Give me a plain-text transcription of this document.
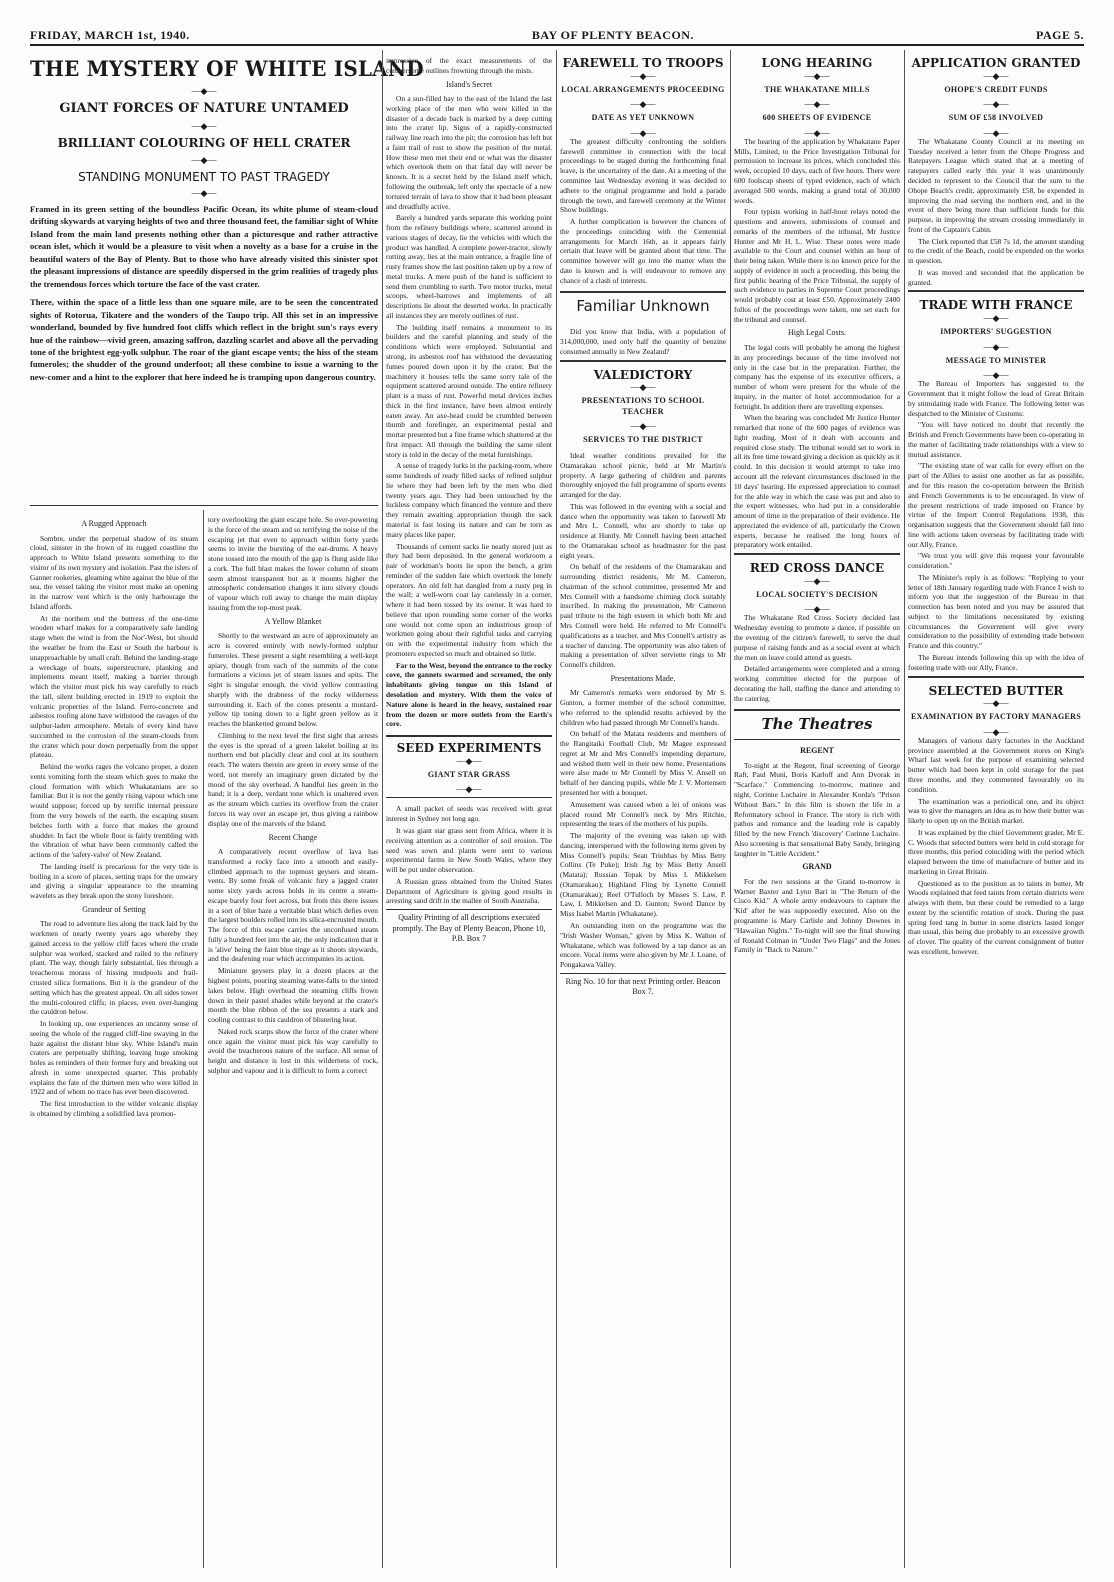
FRIDAY, MARCH 1st, 1940.	BAY OF PLENTY BEACON.	PAGE 5.
THE MYSTERY OF WHITE ISLAND
—◆—
GIANT FORCES OF NATURE UNTAMED
—◆—
BRILLIANT COLOURING OF HELL CRATER
—◆—
STANDING MONUMENT TO PAST TRAGEDY
—◆—

Framed in its green setting of the boundless Pacific Ocean, its white plume of steam-cloud drifting skywards at varying heights of two and three thousand feet, the familiar sight of White Island from the main land presents nothing other than a picturesque and rather attractive ocean islet, which it would be a pleasure to visit when a novelty as a base for a cruise in the beautiful waters of the Bay of Plenty. But to those who have already visited this sinister spot the pleasant impressions of distance are speedily dispersed in the grim realities of tragedy plus the tremendous forces which torture the face of the vast crater.

There, within the space of a little less than one square mile, are to be seen the concentrated sights of Rotorua, Tikatere and the wonders of the Taupo trip. All this set in an impressive wonderland, bounded by five hundred foot cliffs which reflect in the bright sun's rays every hue of the rainbow—vivid green, amazing saffron, dazzling scarlet and above all the pervading tone of the brightest egg-yolk sulphur. The roar of the giant escape vents; the hiss of the steam fumeroles; the shudder of the ground underfoot; all these combine to issue a warning to the new-comer and a hint to the explorer that here indeed he is tramping upon dangerous country.

A Rugged Approach

Sombre, under the perpetual shadow of its steam cloud, sinister in the frown of its rugged coastline the approach to White Island presents something to the visitor of its own mystery and isolation. Past the islets of Gannet rookeries, gleaming white against the blue of the sea, the vessel taking the visitor must make an opening in the narrow vent which is the only harbourage the Island affords.

At the northern end the buttress of the one-time wooden wharf makes for a comparatively safe landing stage when the wind is from the Nor'-West, but should the weather be from the East or South the harbour is unapproachable by small craft. Behind the landing-stage a wreckage of boats, superstructure, planking and implements meant itself, making a barrier through which the visitor must pick his way carefully to reach the tall, silent building erected in 1919 to exploit the volcanic properties of the Island. Ferro-concrete and asbestos roofing alone have withstood the ravages of the sulphur-laden atmosphere. Metals of every kind have succumbed to the corrosion of the steam-clouds from the crater which pour down perpetually from the upper plateau.

Behind the works rages the volcano proper, a dozen vents vomiting forth the steam which goes to make the cloud formation with which Whakatanians are so familiar. But it is not the gently rising vapour which one would suppose; forced up by terrific internal pressure from the very bowels of the earth, the escaping steam belches forth with a force that makes the ground shudder. In fact the whole floor is fairly trembling with the vibration of what have been commonly called the actions of the 'safety-valve' of New Zealand.

The landing itself is precarious for the very tide is boiling in a score of places, setting traps for the unwary and giving a singular appearance to the steaming wavelets as they break upon the stony foreshore.

Grandeur of Setting

The road to adventure lies along the track laid by the workmen of nearly twenty years ago whereby they gained access to the yellow cliff faces where the crude sulphur was worked, stacked and railed to the refinery plant. The way, though fairly substantial, lies through a treacherous morass of hissing mudpools and frail-crusted silica formations. But it is the grandeur of the setting which has the greatest appeal. On all sides tower the multi-coloured cliffs; in places, even over-hanging the cauldron below.

In looking up, one experiences an uncanny sense of seeing the whole of the rugged cliff-line swaying in the haze against the distant blue sky. White Island's main craters are perpetually shifting, leaving huge smoking holes as reminders of their former fury and breaking out afresh in some unexpected quarter. This probably explains the fate of the thirteen men who were killed in 1922 and of whom no trace has ever been discovered.

The first introduction to the wilder volcanic display is obtained by climbing a solidified lava promon-

tory overlooking the giant escape hole. So over-powering is the force of the steam and so terrifying the noise of the escaping jet that even to approach within forty yards seems to invite the bursting of the ear-drums. A heavy stone tossed into the mouth of the gap is flung aside like a cork. The full blast makes the lower column of steam seem almost transparent but as it mounts higher the atmospheric condensation changes it into silvery clouds of vapour which roll away to change the main display issuing from the top-most peak.

A Yellow Blanket

Shortly to the westward an acre of approximately an acre is covered entirely with newly-formed sulphur fumeroles. These present a sight resembling a well-kept apiary, though from each of the summits of the cone formations a vicious jet of steam issues and spits. The sight is singular enough, the vivid yellow contrasting sharply with the drabness of the rocky wilderness surrounding it. Each of the cones presents a mustard-yellow tip toning down to a light green yellow as it reaches the blanketted ground below.

Climbing to the next level the first sight that arrests the eyes is the spread of a green lakelet boiling at its northern end but placidly clear and cool at its southern reach. The waters therein are green in every sense of the word, not merely an imaginary green dictated by the mood of the sky overhead. A handful lies green in the hand; it is a deep, verdant tone which is unaltered even as the stream which carries its overflow from the crater forces its way over an escape jet, thus giving a rainbow display one of the marvels of the Island.

Recent Change

A comparatively recent overflow of lava has transformed a rocky face into a smooth and easily-climbed approach to the topmost geysers and steam-vents. By some freak of volcanic fury a jagged crater some sixty yards across holds in its centre a steam-escape barely four feet across, but from this there issues in a sort of blue haze a veritable blast which defies even the largest boulders rolled into its silica-encrusted mouth. The force of this escape carries the unconfused steam fully a hundred feet into the air, the only indication that it is 'alive' being the faint blue tinge as it shoots skywards, and the deafening roar which accompanies its action.

Miniature geysers play in a dozen places at the highest points, pouring steaming water-falls to the tinted lakes below. High overhead the steaming cliffs frown down in their pastel shades while beyond at the crater's mouth the blue ribbon of the sea presents a stark and cooling contrast to this cauldron of blistering heat.

Naked rock scarps show the force of the crater where once again the visitor must pick his way carefully to avoid the treacherous nature of the surface. All sense of height and distance is lost in this wilderness of rock, sulphur and vapour and it is difficult to form a correct

impression of the exact measurements of the cumbersome outlines frowning through the mists.

Island's Secret

On a sun-filled bay to the east of the Island the last working place of the men who were killed in the disaster of a decade back is marked by a deep cutting into the crater lip. Signs of a rapidly-constructed railway line reach into the pit; the corrosion has left but a faint trail of rust to show the position of the metal. How these men met their end or what was the disaster which overtook them on that fatal day will never be known. It is a secret held by the Island itself which, following the outbreak, left only the spectacle of a new tortured terrain of lava to show that it had been pleasant and dreadfully active.

Barely a hundred yards separate this working point from the refinery buildings where, scattered around in various stages of decay, lie the vehicles with which the product was handled. A complete power-tractor, slowly rotting away, lies at the main entrance, a fragile line of rusty frames show the last position taken up by a row of metal trucks. A mere push of the hand is sufficient to send them crumbling to earth. Two motor trucks, metal scoops, wheel-barrows and implements of all descriptions lie about the deserted works. In practically all instances they are merely outlines of rust.

The building itself remains a monument to its builders and the careful planning and study of the conditions which were employed. Substantial and strong, its asbestos roof has withstood the devastating fumes poured down upon it by the crater. But the machinery it houses tells the same sorry tale of the equipment scattered around outside. The entire refinery plant is a mass of rust. Powerful metal devices inches thick in the first instance, have been almost entirely eaten away. An axe-head could be crumbled between thumb and forefinger, an experimental pestal and mortar presented but a fine frame which shattered at the first impact. All through the building the same silent story is told in the decay of the metal furnishings.

A sense of tragedy lurks in the packing-room, where some hundreds of ready filled sacks of refined sulphur lie where they had been left by the men who died twenty years ago. They had been untouched by the luckless company which financed the venture and there they remain awaiting appropriation though the sack material is fast losing its nature and can be torn as many places like paper.

Thousands of cement sacks lie neatly stored just as they had been deposited. In the general workroom a pair of workman's boots lie upon the bench, a grim reminder of the sudden fate which overtook the lonely operators. An old felt hat dangled from a rusty peg in the wall; a well-worn coat lay carelessly in a corner, where it had been tossed by its owner. It was hard to believe that upon rounding some corner of the works one would not come upon an industrious group of workmen going about their rightful tasks and carrying on with the experimental industry from which the promoters expected so much and obtained so little.

Far to the West, beyond the entrance to the rocky cove, the gannets swarmed and screamed, the only inhabitants giving tongue on this Island of desolation and mystery. With them the voice of Nature alone is heard in the heavy, sustained roar from the dozen or more outlets from the Earth's core.

SEED EXPERIMENTS
—◆—
GIANT STAR GRASS
—◆—

A small packet of seeds was received with great interest in Sydney not long ago.

It was giant star grass sent from Africa, where it is receiving attention as a controller of soil erosion. The seed was sown and plants were sent to various experimental farms in New South Wales, where they will be put under observation.

A Russian grass obtained from the United States Department of Agriculture is giving good results in arresting sand drift in the mallee of South Australia.

Quality Printing of all descriptions executed promptly. The Bay of Plenty Beacon, Phone 10, P.B. Box 7

FAREWELL TO TROOPS
—◆—
LOCAL ARRANGEMENTS PROCEEDING
—◆—
DATE AS YET UNKNOWN
—◆—

The greatest difficulty confronting the soldiers farewell committee in connection with the local proceedings to be staged during the forthcoming final leave, is the uncertainty of the date. At a meeting of the committee last Wednesday evening it was decided to adhere to the original programme and hold a parade through the town, and farewell ceremony at the Winter Show buildings.

A further complication is however the chances of the proceedings coinciding with the Centennial arrangements for March 16th, as it appears fairly certain that leave will be granted about that time. The committee however will go into the matter when the date is known and is will endeavour to remove any chance of a clash of interests.

Familiar Unknown

Did you know that India, with a population of 314,000,000, used only half the quantity of benzine consumed annually in New Zealand?

VALEDICTORY
—◆—
PRESENTATIONS TO SCHOOL TEACHER
—◆—
SERVICES TO THE DISTRICT

Ideal weather conditions prevailed for the Otamarakau school picnic, held at Mr Martin's property. A large gathering of children and parents thoroughly enjoyed the full programme of sports events arranged for the day.

This was followed in the evening with a social and dance when the opportunity was taken to farewell Mr and Mrs L. Connell, who are shortly to take up residence at Huntly. Mr Connell having been attached to the Otamarakau school as headmaster for the past eight years.

On behalf of the residents of the Otamarakau and surrounding district residents, Mr M. Cameron, chairman of the school committee, presented Mr and Mrs Connell with a handsome chiming clock suitably inscribed. In making the presentation, Mr Cameron paid tribute to the high esteem in which both Mr and Mrs Connell were held. He referred to Mr Connell's qualifications as a teacher, and Mrs Connell's artistry as a teacher of dancing. The opportunity was also taken of making a presentation of silver serviette rings to Mr Connell's children.

Presentations Made.

Mr Cameron's remarks were endorsed by Mr S. Gunton, a former member of the school committee, who referred to the splendid results achieved by the children who had passed through Mr Connell's hands.

On behalf of the Matata residents and members of the Rangitaiki Football Club, Mr Magee expressed regret at Mr and Mrs Connell's impending departure, and wished them well in their new home. Presentations were also made to Mr Connell by Miss V. Ansell on behalf of her dancing pupils, while Mr J. V. Mortensen presented her with a bouquet.

Amusement was caused when a lei of onions was placed round Mr Connell's neck by Mrs Ritchie, representing the tears of the mothers of his pupils.

The majority of the evening was taken up with dancing, interspersed with the following items given by Miss Connell's pupils: Sean Triubhas by Miss Betty Collins (Te Puke); Irish Jig by Miss Betty Ansell (Matata); Russian Topak by Miss I. Mikkelsen (Otamarakau); Highland Fling by Lynette Connell (Otamarakau); Reel O'Tulloch by Misses S. Law, P. Law, I. Mikkelsen and D. Gunton; Sword Dance by Miss Isabel Martin (Whakatane).

An outstanding item on the programme was the "Irish Washer Woman," given by Miss K. Walton of Whakatane, which was followed by a tap dance as an encore. Vocal items were also given by Mr J. Loane, of Pongakawa Valley.

Ring No. 10 for that next Printing order. Beacon Box 7.

LONG HEARING
—◆—
THE WHAKATANE MILLS
—◆—
600 SHEETS OF EVIDENCE
—◆—

The hearing of the application by Whakatane Paper Mills, Limited, to the Price Investigation Tribunal for permission to increase its prices, which concluded this week, occupied 10 days, each of five hours. There were 600 foolscap sheets of typed evidence, each of which averaged 500 words, making a grand total of 30,000 words.

Four typists working in half-hour relays noted the questions and answers, submissions of counsel and remarks of the members of the tribunal, Mr Justice Hunter and Mr H. L. Wise. These notes were made available to the Court and counsel within an hour of their being taken. While there is no known price for the supply of evidence in such a proceeding, this being the first public hearing of the Price Tribunal, the supply of such evidence to parties in Supreme Court proceedings would probably cost at least £50. Approximately 2400 follos of the proceedings were taken, one set each for the tribunal and counsel.

High Legal Costs.

The legal costs will probably be among the highest in any proceedings because of the time involved not only in the case but in the preparation. Further, the company has the expense of its executive officers, a number of whom were present for the whole of the inquiry, in the matter of hotel accommodation for a fortnight. In addition there are travelling expenses.

When the hearing was concluded Mr Justice Hunter remarked that none of the 600 pages of evidence was light reading. Most of it dealt with accounts and required close study. The tribunal would set to work in all its free time toward giving a decision as quickly as it could. In this decision it would attempt to take into account all the relevant circumstances disclosed in the 10 days' hearing. He expressed appreciation to counsel for the able way in which the case was put and also to the expert witnesses, who had put in a considerable amount of time in the preparation of their evidence. He appreciated the evidence of all, particularly the Crown experts, because he realised the long hours of preparatory work entailed.

RED CROSS DANCE
—◆—
LOCAL SOCIETY'S DECISION
—◆—

The Whakatane Red Cross Society decided last Wednesday evening to promote a dance, if possible on the evening of the citizen's farewell, to serve the dual purpose of raising funds and as a social event at which the men on leave could attend as guests.

Detailed arrangements were completed and a strong working committee elected for the purpose of decorating the hall, staffing the dance and attending to the catering.

The Theatres
REGENT

To-night at the Regent, final screening of George Raft, Paul Muni, Boris Karloff and Ann Dvorak in "Scarface." Commencing to-morrow, matinee and night, Corinne Luchaire in Alexander Korda's "Prison Without Bars." In this film is shown the life in a Reformatory school in France. The story is rich with pathos and romance and the leading role is capably filled by the new French 'discovery' Corinne Luchaire. Also screening is that sensational Baby Sandy, bringing laughter in "Little Accident."

GRAND

For the two sessions at the Grand to-morrow is Warner Baxter and Lynn Bari in "The Return of the Cisco Kid." A whole army endeavours to capture the 'Kid' after he was supposedly executed. Also on the programme is Mary Carlisle and Johnny Downes in "Hawaiian Nights." To-night will see the final showing of Ronald Colman in "Under Two Flags" and the Jones Family in "Back to Nature."

APPLICATION GRANTED
—◆—
OHOPE'S CREDIT FUNDS
—◆—
SUM OF £58 INVOLVED
—◆—

The Whakatane County Council at its meeting on Tuesday received a letter from the Ohope Progress and Ratepayers League which stated that at a meeting of ratepayers called early this year it was unanimously decided to represent to the Council that the sum to the Ohope Beach's credit, approximately £58, be expended in improving the road serving the northern end, and in the event of there being more than sufficient funds for this purpose, in improving the stream crossing immediately in front of the Captain's Cabin.

The Clerk reported that £58 7s 1d, the amount standing to the credit of the Beach, could be expended on the works in question.

It was moved and seconded that the application be granted.

TRADE WITH FRANCE
—◆—
IMPORTERS' SUGGESTION
—◆—
MESSAGE TO MINISTER
—◆—

The Bureau of Importers has suggested to the Government that it might follow the lead of Great Britain by stimulating trade with France. The following letter was despatched to the Minister of Customs:

"You will have noticed no doubt that recently the British and French Governments have been co-operating in the matter of facilitating trade relationships with a view to mutual assistance.

"The existing state of war calls for every effort on the part of the Allies to assist one another as far as possible, and for this reason the co-operation between the British and French Governments is to be encouraged. In view of the present restrictions of trade imposed on France by virtue of the Import Control Regulations 1938, this organisation suggests that the Government should fall into line with actions taken overseas by facilitating trade with our Ally, France.

"We trust you will give this request your favourable consideration."

The Minister's reply is as follows: "Replying to your letter of 18th January regarding trade with France I wish to inform you that the suggestion of the Bureau in that connection has been noted and you may be assured that subject to the limitations necessitated by existing circumstances the Government will give every consideration to the possibility of extending trade between France and this country."

The Bureau intends following this up with the idea of fostering trade with our Ally, France.

SELECTED BUTTER
—◆—
EXAMINATION BY FACTORY MANAGERS
—◆—

Managers of various dairy factories in the Auckland province assembled at the Government stores on King's Wharf last week for the purpose of examining selected butter which had been kept in cold storage for the past three months, and they commented favourably on its condition.

The examination was a periodical one, and its object was to give the managers an idea as to how their butter was likely to open up on the British market.

It was explained by the chief Government grader, Mr E. C. Woods that selected butters were held in cold storage for three months, this period coinciding with the period which elapsed between the time of manufacture of butter and its marketing in Great Britain.

Questioned as to the position as to taints in butter, Mr Woods explained that feed taints from certain districts were always with them, but these could be remedied to a large extent by the scientific rotation of stock. During the past spring feed tang in butter in some districts lasted longer than usual, this being due probably to an excessive growth of clover. The quality of the current consignment of butter was excellent, however.
